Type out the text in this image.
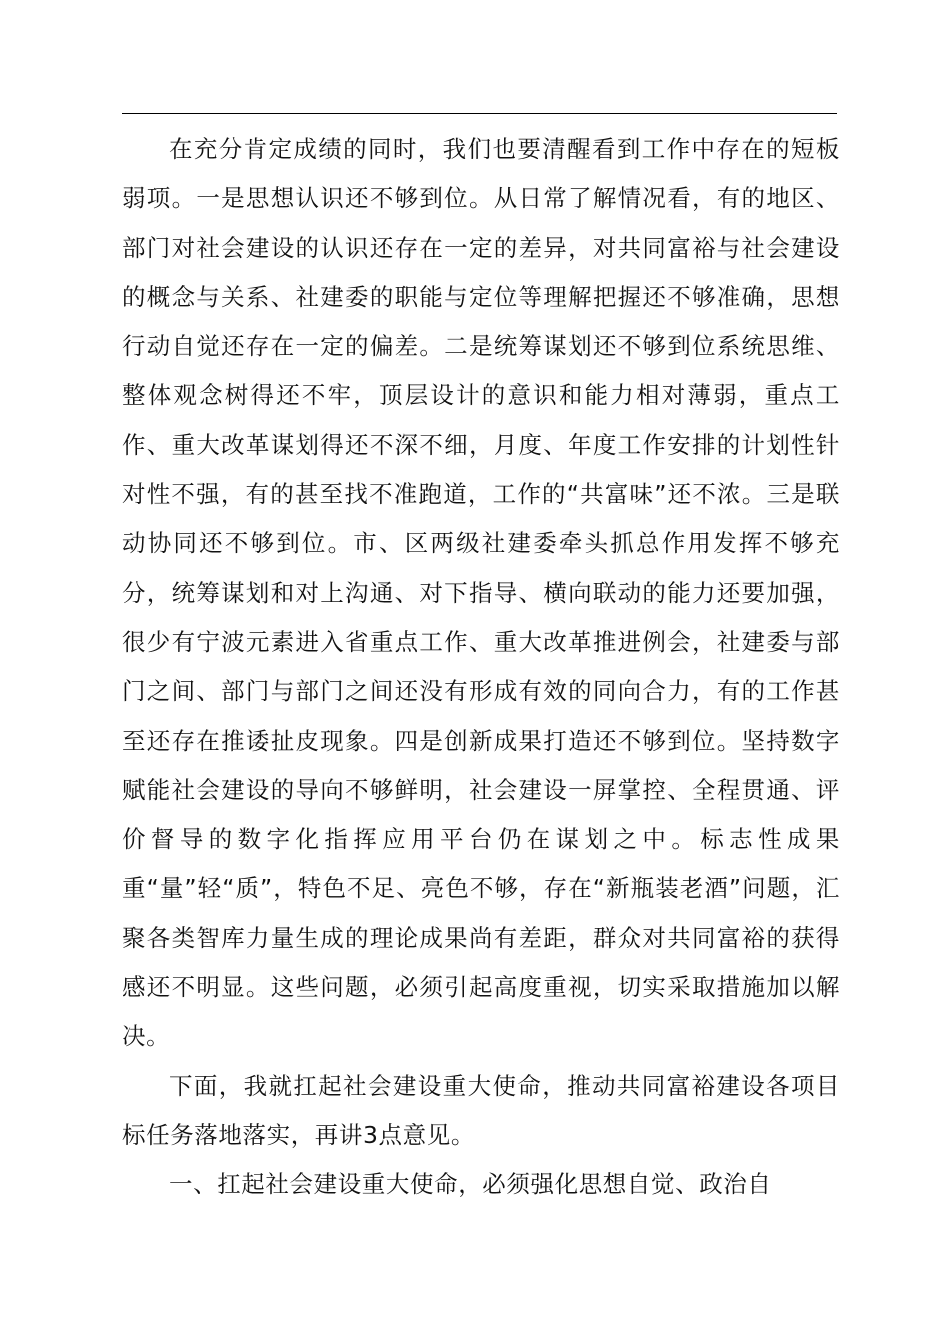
在充分肯定成绩的同时，我们也要清醒看到工作中存在的短板弱项。一是思想认识还不够到位。从日常了解情况看，有的地区、部门对社会建设的认识还存在一定的差异，对共同富裕与社会建设的概念与关系、社建委的职能与定位等理解把握还不够准确，思想行动自觉还存在一定的偏差。二是统筹谋划还不够到位系统思维、整体观念树得还不牢，顶层设计的意识和能力相对薄弱，重点工作、重大改革谋划得还不深不细，月度、年度工作安排的计划性针对性不强，有的甚至找不准跑道，工作的“共富味”还不浓。三是联动协同还不够到位。市、区两级社建委牵头抓总作用发挥不够充分，统筹谋划和对上沟通、对下指导、横向联动的能力还要加强，很少有宁波元素进入省重点工作、重大改革推进例会，社建委与部门之间、部门与部门之间还没有形成有效的同向合力，有的工作甚至还存在推诿扯皮现象。四是创新成果打造还不够到位。坚持数字赋能社会建设的导向不够鲜明，社会建设一屏掌控、全程贯通、评价督导的数字化指挥应用平台仍在谋划之中。标志性成果重“量”轻“质”，特色不足、亮色不够，存在“新瓶装老酒”问题，汇聚各类智库力量生成的理论成果尚有差距，群众对共同富裕的获得感还不明显。这些问题，必须引起高度重视，切实采取措施加以解决。

下面，我就扛起社会建设重大使命，推动共同富裕建设各项目标任务落地落实，再讲3点意见。

一、扛起社会建设重大使命，必须强化思想自觉、政治自
